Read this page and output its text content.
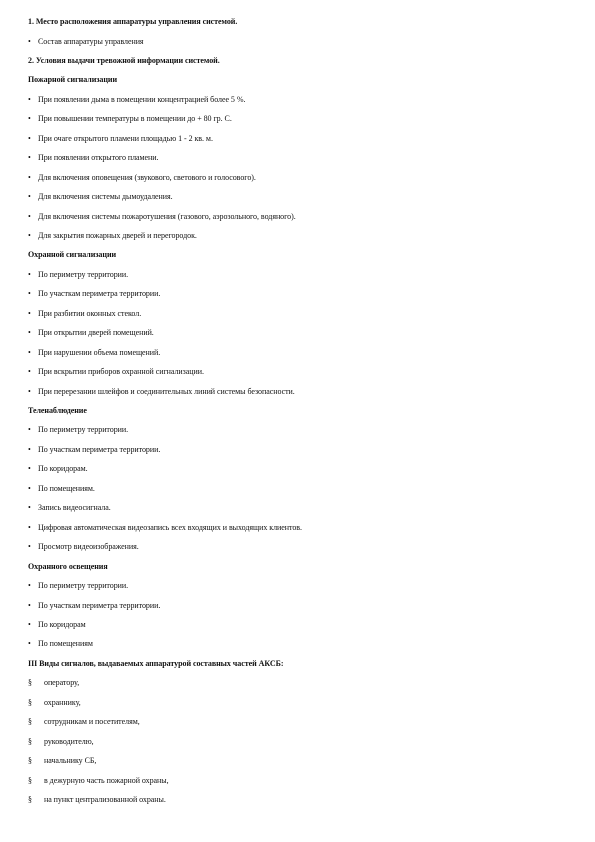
1. Место расположения аппаратуры управления системой.
• Состав аппаратуры управления
2. Условия выдачи тревожной информации системой.
Пожарной сигнализации
• При появлении дыма в помещении концентрацией более 5 %.
• При повышении температуры в помещении до + 80 гр. С.
• При очаге открытого пламени площадью 1 - 2 кв. м.
• При появлении открытого пламени.
• Для включения оповещения (звукового, светового и голосового).
• Для включения системы дымоудаления.
• Для включения системы пожаротушения (газового, аэрозольного, водяного).
• Для закрытия пожарных дверей и перегородок.
Охранной сигнализации
• По периметру территории.
• По участкам периметра территории.
• При разбитии оконных стекол.
• При открытии дверей помещений.
• При нарушении объема помещений.
• При вскрытии приборов охранной сигнализации.
• При перерезании шлейфов и соединительных линий системы безопасности.
Теленаблюдение
• По периметру территории.
• По участкам периметра территории.
• По коридорам.
• По помещениям.
• Запись видеосигнала.
• Цифровая автоматическая видеозапись всех входящих и выходящих клиентов.
• Просмотр видеоизображения.
Охранного освещения
• По периметру территории.
• По участкам периметра территории.
• По коридорам
• По помещениям
III Виды сигналов, выдаваемых аппаратурой составных частей АКСБ:
§ оператору,
§ охраннику,
§ сотрудникам и посетителям,
§ руководителю,
§ начальнику СБ,
§ в дежурную часть пожарной охраны,
§ на пункт централизованной охраны.
